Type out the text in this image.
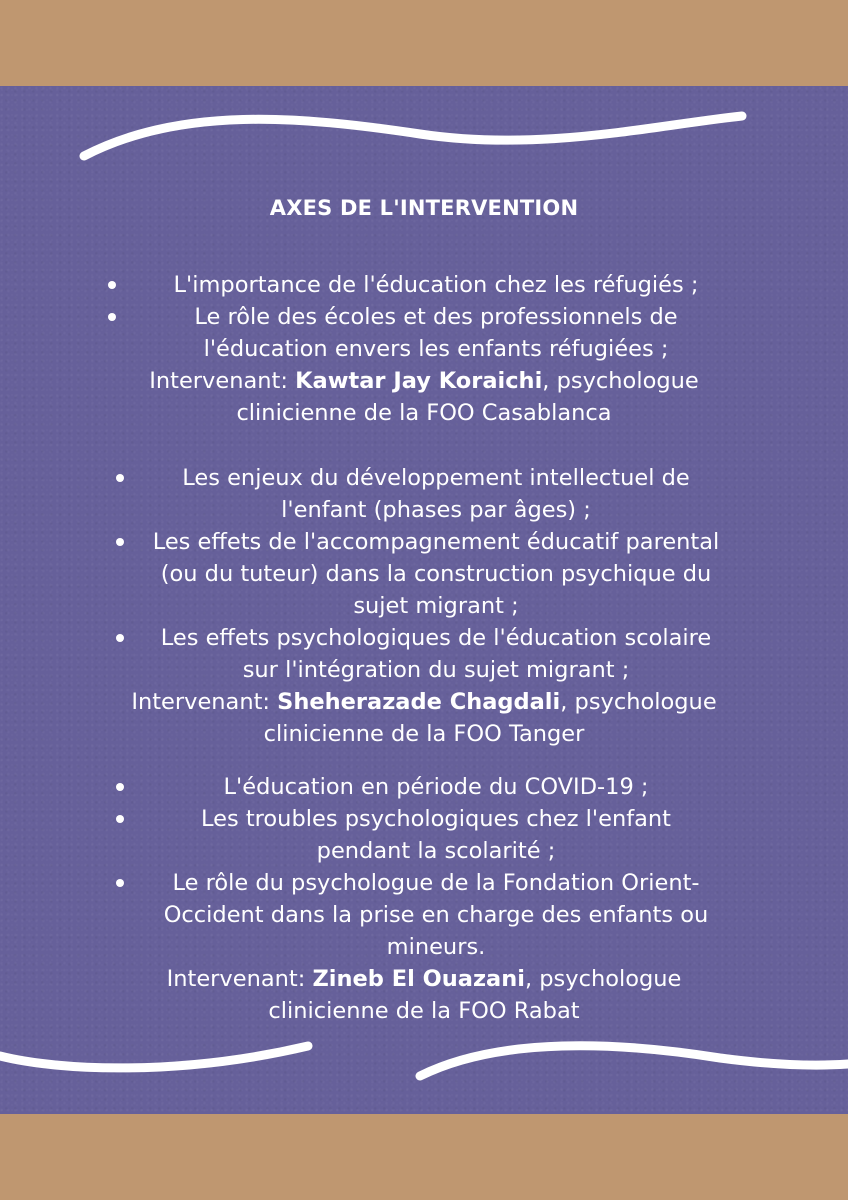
AXES DE L'INTERVENTION
L'importance de l'éducation chez les réfugiés ;
Le rôle des écoles et des professionnels de
l'éducation envers les enfants réfugiées ;
Intervenant: Kawtar Jay Koraichi, psychologue
clinicienne de la FOO Casablanca
Les enjeux du développement intellectuel de
l'enfant (phases par âges) ;
Les effets de l'accompagnement éducatif parental
(ou du tuteur) dans la construction psychique du
sujet migrant ;
Les effets psychologiques de l'éducation scolaire
sur l'intégration du sujet migrant ;
Intervenant: Sheherazade Chagdali, psychologue
clinicienne de la FOO Tanger
L'éducation en période du COVID-19 ;
Les troubles psychologiques chez l'enfant
pendant la scolarité ;
Le rôle du psychologue de la Fondation Orient-
Occident dans la prise en charge des enfants ou
mineurs.
Intervenant: Zineb El Ouazani, psychologue
clinicienne de la FOO Rabat
